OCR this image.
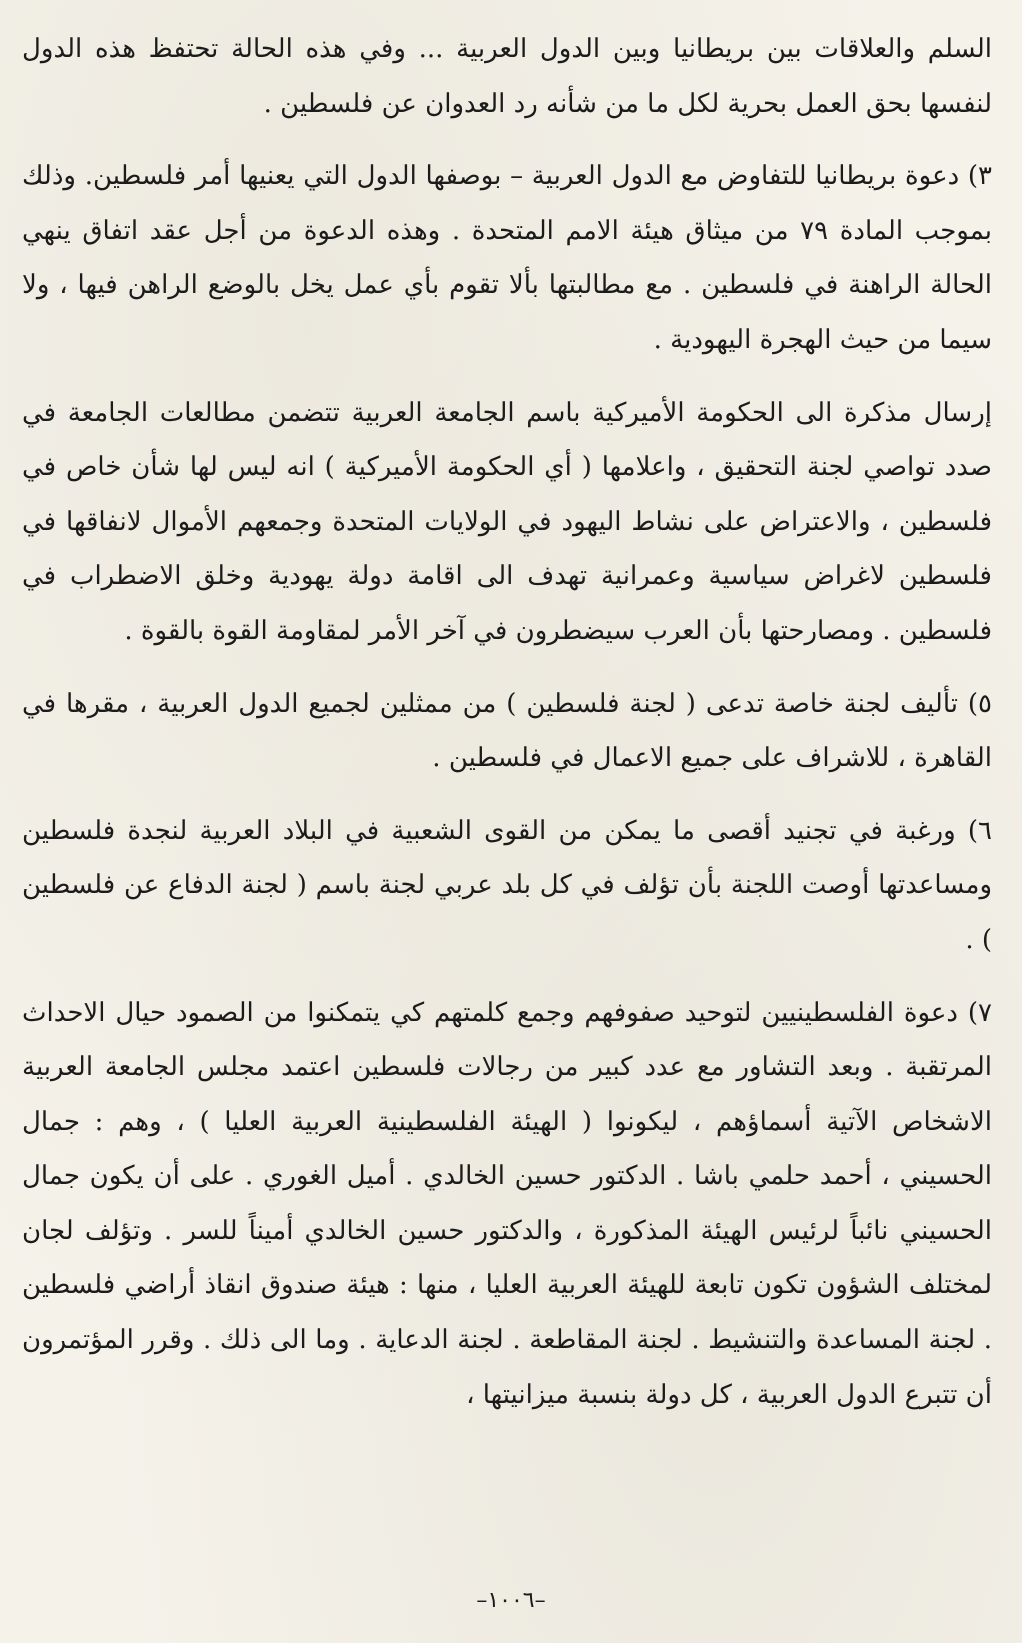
السلم والعلاقات بين بريطانيا وبين الدول العربية ... وفي هذه الحالة تحتفظ هذه الدول لنفسها بحق العمل بحرية لكل ما من شأنه رد العدوان عن فلسطين .

٣) دعوة بريطانيا للتفاوض مع الدول العربية – بوصفها الدول التي يعنيها أمر فلسطين. وذلك بموجب المادة ٧٩ من ميثاق هيئة الامم المتحدة . وهذه الدعوة من أجل عقد اتفاق ينهي الحالة الراهنة في فلسطين . مع مطالبتها بألا تقوم بأي عمل يخل بالوضع الراهن فيها ، ولا سيما من حيث الهجرة اليهودية .

إرسال مذكرة الى الحكومة الأميركية باسم الجامعة العربية تتضمن مطالعات الجامعة في صدد تواصي لجنة التحقيق ، واعلامها ( أي الحكومة الأميركية ) انه ليس لها شأن خاص في فلسطين ، والاعتراض على نشاط اليهود في الولايات المتحدة وجمعهم الأموال لانفاقها في فلسطين لاغراض سياسية وعمرانية تهدف الى اقامة دولة يهودية وخلق الاضطراب في فلسطين . ومصارحتها بأن العرب سيضطرون في آخر الأمر لمقاومة القوة بالقوة .

٥) تأليف لجنة خاصة تدعى ( لجنة فلسطين ) من ممثلين لجميع الدول العربية ، مقرها في القاهرة ، للاشراف على جميع الاعمال في فلسطين .

٦) ورغبة في تجنيد أقصى ما يمكن من القوى الشعبية في البلاد العربية لنجدة فلسطين ومساعدتها أوصت اللجنة بأن تؤلف في كل بلد عربي لجنة باسم ( لجنة الدفاع عن فلسطين ) .

٧) دعوة الفلسطينيين لتوحيد صفوفهم وجمع كلمتهم كي يتمكنوا من الصمود حيال الاحداث المرتقبة . وبعد التشاور مع عدد كبير من رجالات فلسطين اعتمد مجلس الجامعة العربية الاشخاص الآتية أسماؤهم ، ليكونوا ( الهيئة الفلسطينية العربية العليا ) ، وهم : جمال الحسيني ، أحمد حلمي باشا . الدكتور حسين الخالدي . أميل الغوري . على أن يكون جمال الحسيني نائباً لرئيس الهيئة المذكورة ، والدكتور حسين الخالدي أميناً للسر . وتؤلف لجان لمختلف الشؤون تكون تابعة للهيئة العربية العليا ، منها : هيئة صندوق انقاذ أراضي فلسطين . لجنة المساعدة والتنشيط . لجنة المقاطعة . لجنة الدعاية . وما الى ذلك . وقرر المؤتمرون أن تتبرع الدول العربية ، كل دولة بنسبة ميزانيتها ،

–١٠٠٦–
